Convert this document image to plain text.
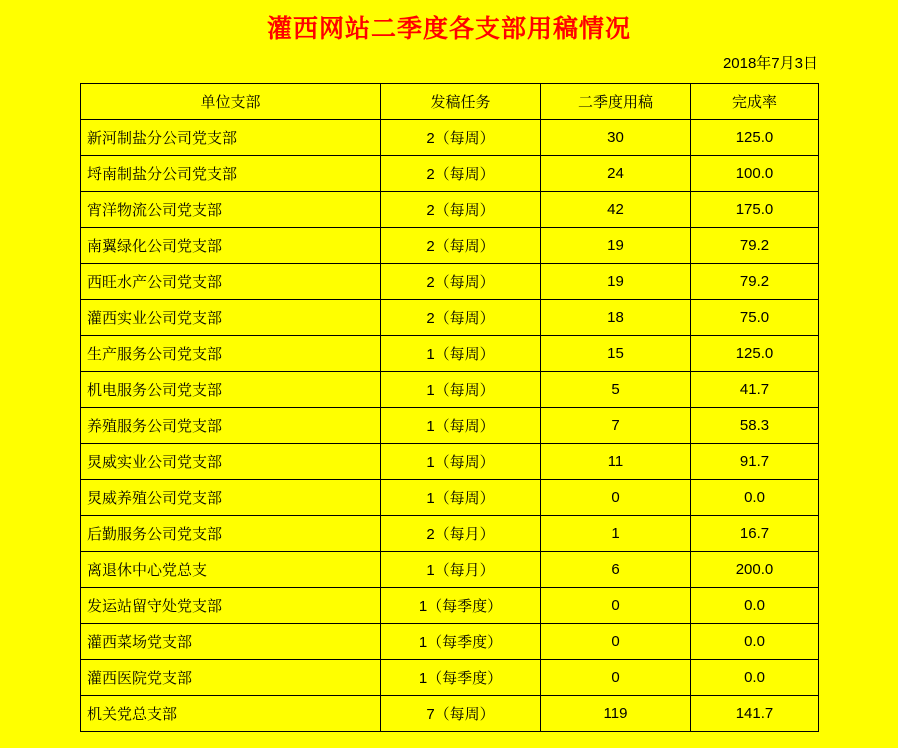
灌西网站二季度各支部用稿情况
2018年7月3日
单位支部	发稿任务	二季度用稿	完成率
新河制盐分公司党支部	2（每周）	30	125.0
埒南制盐分公司党支部	2（每周）	24	100.0
宵洋物流公司党支部	2（每周）	42	175.0
南翼绿化公司党支部	2（每周）	19	79.2
西旺水产公司党支部	2（每周）	19	79.2
灌西实业公司党支部	2（每周）	18	75.0
生产服务公司党支部	1（每周）	15	125.0
机电服务公司党支部	1（每周）	5	41.7
养殖服务公司党支部	1（每周）	7	58.3
炅威实业公司党支部	1（每周）	11	91.7
炅威养殖公司党支部	1（每周）	0	0.0
后勤服务公司党支部	2（每月）	1	16.7
离退休中心党总支	1（每月）	6	200.0
发运站留守处党支部	1（每季度）	0	0.0
灌西菜场党支部	1（每季度）	0	0.0
灌西医院党支部	1（每季度）	0	0.0
机关党总支部	7（每周）	119	141.7
